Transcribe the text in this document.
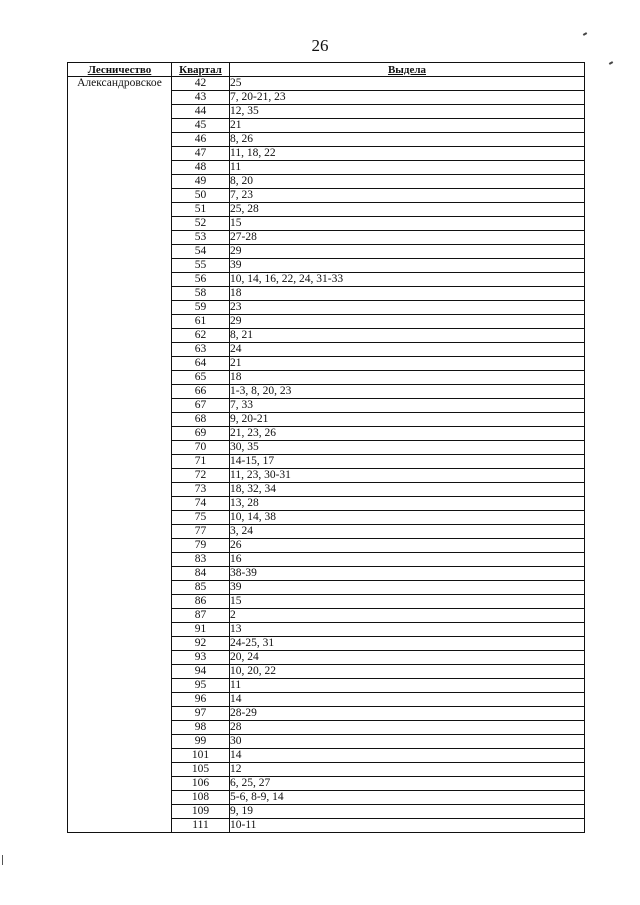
26
Лесничество	Квартал	Выдела
Александровское	42	25
	43	7, 20-21, 23
	44	12, 35
	45	21
	46	8, 26
	47	11, 18, 22
	48	11
	49	8, 20
	50	7, 23
	51	25, 28
	52	15
	53	27-28
	54	29
	55	39
	56	10, 14, 16, 22, 24, 31-33
	58	18
	59	23
	61	29
	62	8, 21
	63	24
	64	21
	65	18
	66	1-3, 8, 20, 23
	67	7, 33
	68	9, 20-21
	69	21, 23, 26
	70	30, 35
	71	14-15, 17
	72	11, 23, 30-31
	73	18, 32, 34
	74	13, 28
	75	10, 14, 38
	77	3, 24
	79	26
	83	16
	84	38-39
	85	39
	86	15
	87	2
	91	13
	92	24-25, 31
	93	20, 24
	94	10, 20, 22
	95	11
	96	14
	97	28-29
	98	28
	99	30
	101	14
	105	12
	106	6, 25, 27
	108	5-6, 8-9, 14
	109	9, 19
	111	10-11
